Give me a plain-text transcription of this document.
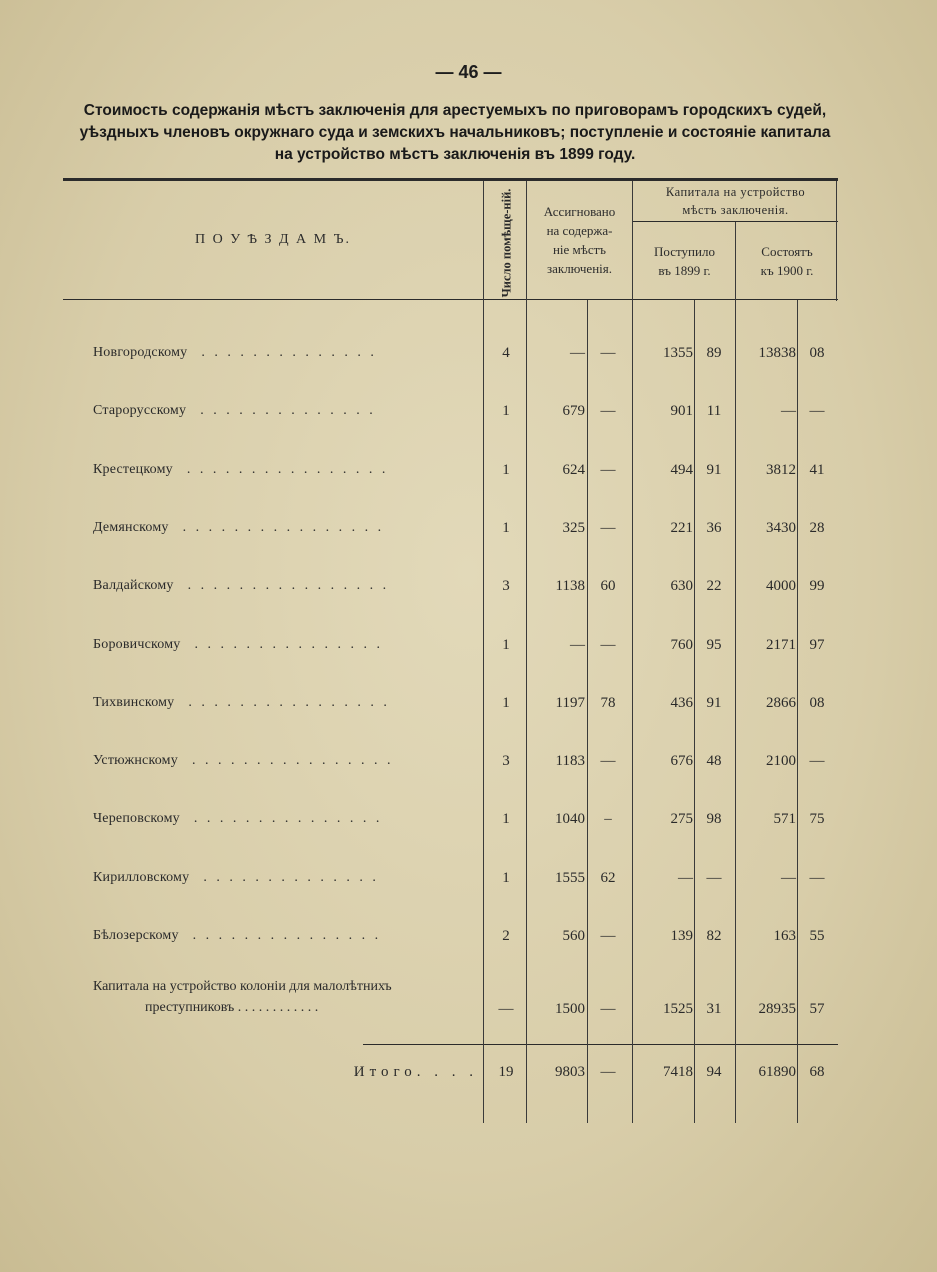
— 46 —
Стоимость содержанія мѣстъ заключенія для арестуемыхъ по приговорамъ городскихъ судей,
уѣздныхъ членовъ окружнаго суда и земскихъ начальниковъ; поступленіе и состояніе капитала
на устройство мѣстъ заключенія въ 1899 году.
П О У Ѣ З Д А М Ъ.	Число помѣще-ній.	Ассигновано
на содержа-
ніе мѣстъ
заключенія.
Капитала на устройство
мѣстъ заключенія.
Поступило
въ 1899 г.
Состоятъ
къ 1900 г.
Новгородскому . . . . . . . . . . . . . .	4	—	—	1355 89	13838 08
Старорусскому . . . . . . . . . . . . . .	1	679	—	901 11	— —
Крестецкому . . . . . . . . . . . . . . . .	1	624	—	494 91	3812 41
Демянскому . . . . . . . . . . . . . . . .	1	325	—	221 36	3430 28
Валдайскому . . . . . . . . . . . . . . . .	3	1138	60	630 22	4000 99
Боровичскому . . . . . . . . . . . . . . .	1	—	—	760 95	2171 97
Тихвинскому . . . . . . . . . . . . . . . .	1	1197	78	436 91	2866 08
Устюжнскому . . . . . . . . . . . . . . . .	3	1183	—	676 48	2100 —
Череповскому . . . . . . . . . . . . . . .	1	1040	–	275 98	571 75
Кирилловскому . . . . . . . . . . . . . .	1	1555	62	— —	— —
Бѣлозерскому . . . . . . . . . . . . . . .	2	560	—	139 82	163 55
Капитала на устройство колоніи для малолѣтнихъ
преступниковъ . . . . . . . . . . . .	—	1500	—	1525 31	28935 57
Итого. . . .	19	9803	—	7418 94	61890 68
